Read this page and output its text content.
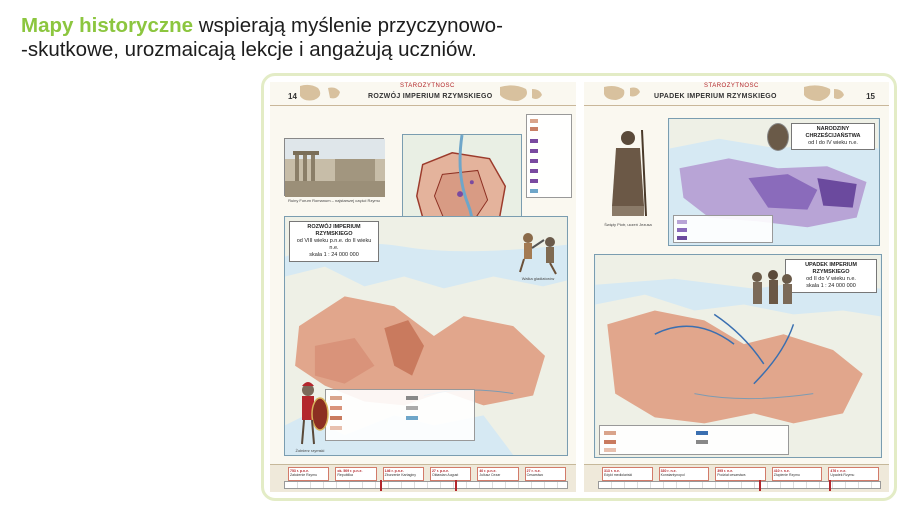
Mapy historyczne wspierają myślenie przyczynowo-
-skutkowe, urozmaicają lekcje i angażują uczniów.
14
STAROŻYTNOŚĆ
ROZWÓJ IMPERIUM RZYMSKIEGO
Ruiny Forum Romanum – najstarszej części Rzymu
ROZWÓJ IMPERIUM RZYMSKIEGO
od VIII wieku p.n.e. do II wieku n.e.
skala 1 : 24 000 000
Walka gladiatorów
Żołnierz rzymski
753 r. p.n.e.
Założenie Rzymu
ok. 509 r. p.n.e.
Republika
146 r. p.n.e.
Zburzenie Kartaginy
27 r. p.n.e.
Oktawian August
40 r. p.n.e.
Juliusz Cezar
27 r. n.e.
Cesarstwo
STAROŻYTNOŚĆ
UPADEK IMPERIUM RZYMSKIEGO	15
Święty Piotr, uczeń Jezusa
NARODZINY CHRZEŚCIJAŃSTWA
od I do IV wieku n.e.
UPADEK IMPERIUM RZYMSKIEGO
od II do V wieku n.e.
skala 1 : 24 000 000
313 r. n.e.
Edykt mediolański
330 r. n.e.
Konstantynopol
395 r. n.e.
Podział cesarstwa
410 r. n.e.
Złupienie Rzymu
476 r. n.e.
Upadek Rzymu
